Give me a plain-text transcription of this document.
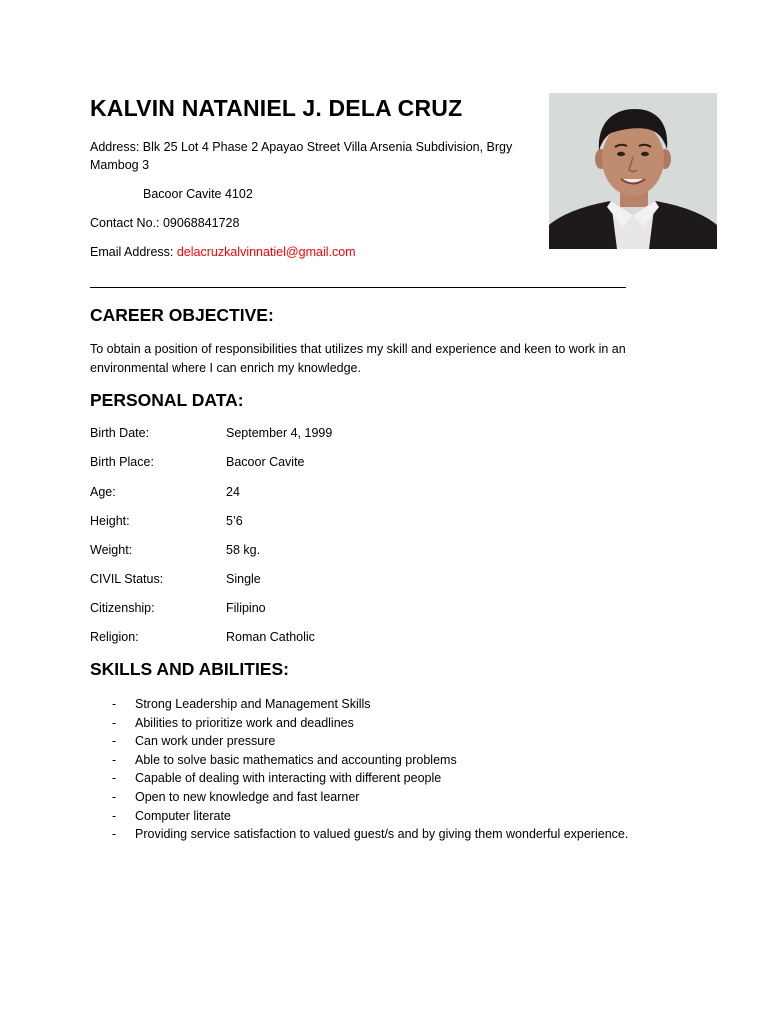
KALVIN NATANIEL J. DELA CRUZ
Address: Blk 25 Lot 4 Phase 2 Apayao Street Villa Arsenia Subdivision, Brgy Mambog 3
Bacoor Cavite 4102
Contact No.: 09068841728
Email Address: delacruzkalvinnatiel@gmail.com
CAREER OBJECTIVE:
To obtain a position of responsibilities that utilizes my skill and experience and keen to work in an environmental where I can enrich my knowledge.
PERSONAL DATA:
Birth Date:	September 4, 1999
Birth Place:	Bacoor Cavite
Age:	24
Height:	5’6
Weight:	58 kg.
CIVIL Status:	Single
Citizenship:	Filipino
Religion:	Roman Catholic
SKILLS AND ABILITIES:
- Strong Leadership and Management Skills
- Abilities to prioritize work and deadlines
- Can work under pressure
- Able to solve basic mathematics and accounting problems
- Capable of dealing with interacting with different people
- Open to new knowledge and fast learner
- Computer literate
- Providing service satisfaction to valued guest/s and by giving them wonderful experience.
